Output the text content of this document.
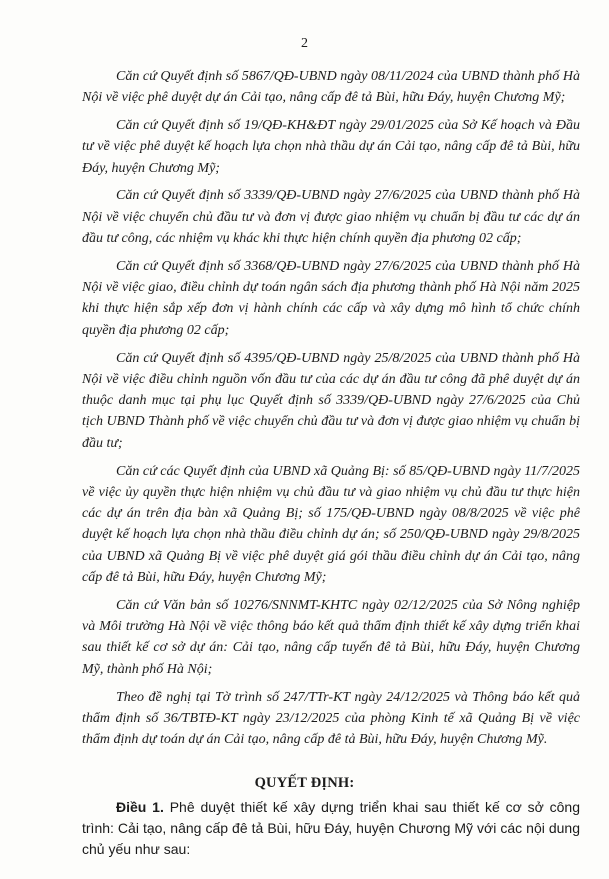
2

Căn cứ Quyết định số 5867/QĐ-UBND ngày 08/11/2024 của UBND thành phố Hà Nội về việc phê duyệt dự án Cải tạo, nâng cấp đê tả Bùi, hữu Đáy, huyện Chương Mỹ;

Căn cứ Quyết định số 19/QĐ-KH&ĐT ngày 29/01/2025 của Sở Kế hoạch và Đầu tư về việc phê duyệt kế hoạch lựa chọn nhà thầu dự án Cải tạo, nâng cấp đê tả Bùi, hữu Đáy, huyện Chương Mỹ;

Căn cứ Quyết định số 3339/QĐ-UBND ngày 27/6/2025 của UBND thành phố Hà Nội về việc chuyển chủ đầu tư và đơn vị được giao nhiệm vụ chuẩn bị đầu tư các dự án đầu tư công, các nhiệm vụ khác khi thực hiện chính quyền địa phương 02 cấp;

Căn cứ Quyết định số 3368/QĐ-UBND ngày 27/6/2025 của UBND thành phố Hà Nội về việc giao, điều chỉnh dự toán ngân sách địa phương thành phố Hà Nội năm 2025 khi thực hiện sắp xếp đơn vị hành chính các cấp và xây dựng mô hình tổ chức chính quyền địa phương 02 cấp;

Căn cứ Quyết định số 4395/QĐ-UBND ngày 25/8/2025 của UBND thành phố Hà Nội về việc điều chỉnh nguồn vốn đầu tư của các dự án đầu tư công đã phê duyệt dự án thuộc danh mục tại phụ lục Quyết định số 3339/QĐ-UBND ngày 27/6/2025 của Chủ tịch UBND Thành phố về việc chuyển chủ đầu tư và đơn vị được giao nhiệm vụ chuẩn bị đầu tư;

Căn cứ các Quyết định của UBND xã Quảng Bị: số 85/QĐ-UBND ngày 11/7/2025 về việc ủy quyền thực hiện nhiệm vụ chủ đầu tư và giao nhiệm vụ chủ đầu tư thực hiện các dự án trên địa bàn xã Quảng Bị; số 175/QĐ-UBND ngày 08/8/2025 về việc phê duyệt kế hoạch lựa chọn nhà thầu điều chỉnh dự án; số 250/QĐ-UBND ngày 29/8/2025 của UBND xã Quảng Bị về việc phê duyệt giá gói thầu điều chỉnh dự án Cải tạo, nâng cấp đê tả Bùi, hữu Đáy, huyện Chương Mỹ;

Căn cứ Văn bản số 10276/SNNMT-KHTC ngày 02/12/2025 của Sở Nông nghiệp và Môi trường Hà Nội về việc thông báo kết quả thẩm định thiết kế xây dựng triển khai sau thiết kế cơ sở dự án: Cải tạo, nâng cấp tuyến đê tả Bùi, hữu Đáy, huyện Chương Mỹ, thành phố Hà Nội;

Theo đề nghị tại Tờ trình số 247/TTr-KT ngày 24/12/2025 và Thông báo kết quả thẩm định số 36/TBTĐ-KT ngày 23/12/2025 của phòng Kinh tế xã Quảng Bị về việc thẩm định dự toán dự án Cải tạo, nâng cấp đê tả Bùi, hữu Đáy, huyện Chương Mỹ.

QUYẾT ĐỊNH:

Điều 1. Phê duyệt thiết kế xây dựng triển khai sau thiết kế cơ sở công trình: Cải tạo, nâng cấp đê tả Bùi, hữu Đáy, huyện Chương Mỹ với các nội dung chủ yếu như sau:
